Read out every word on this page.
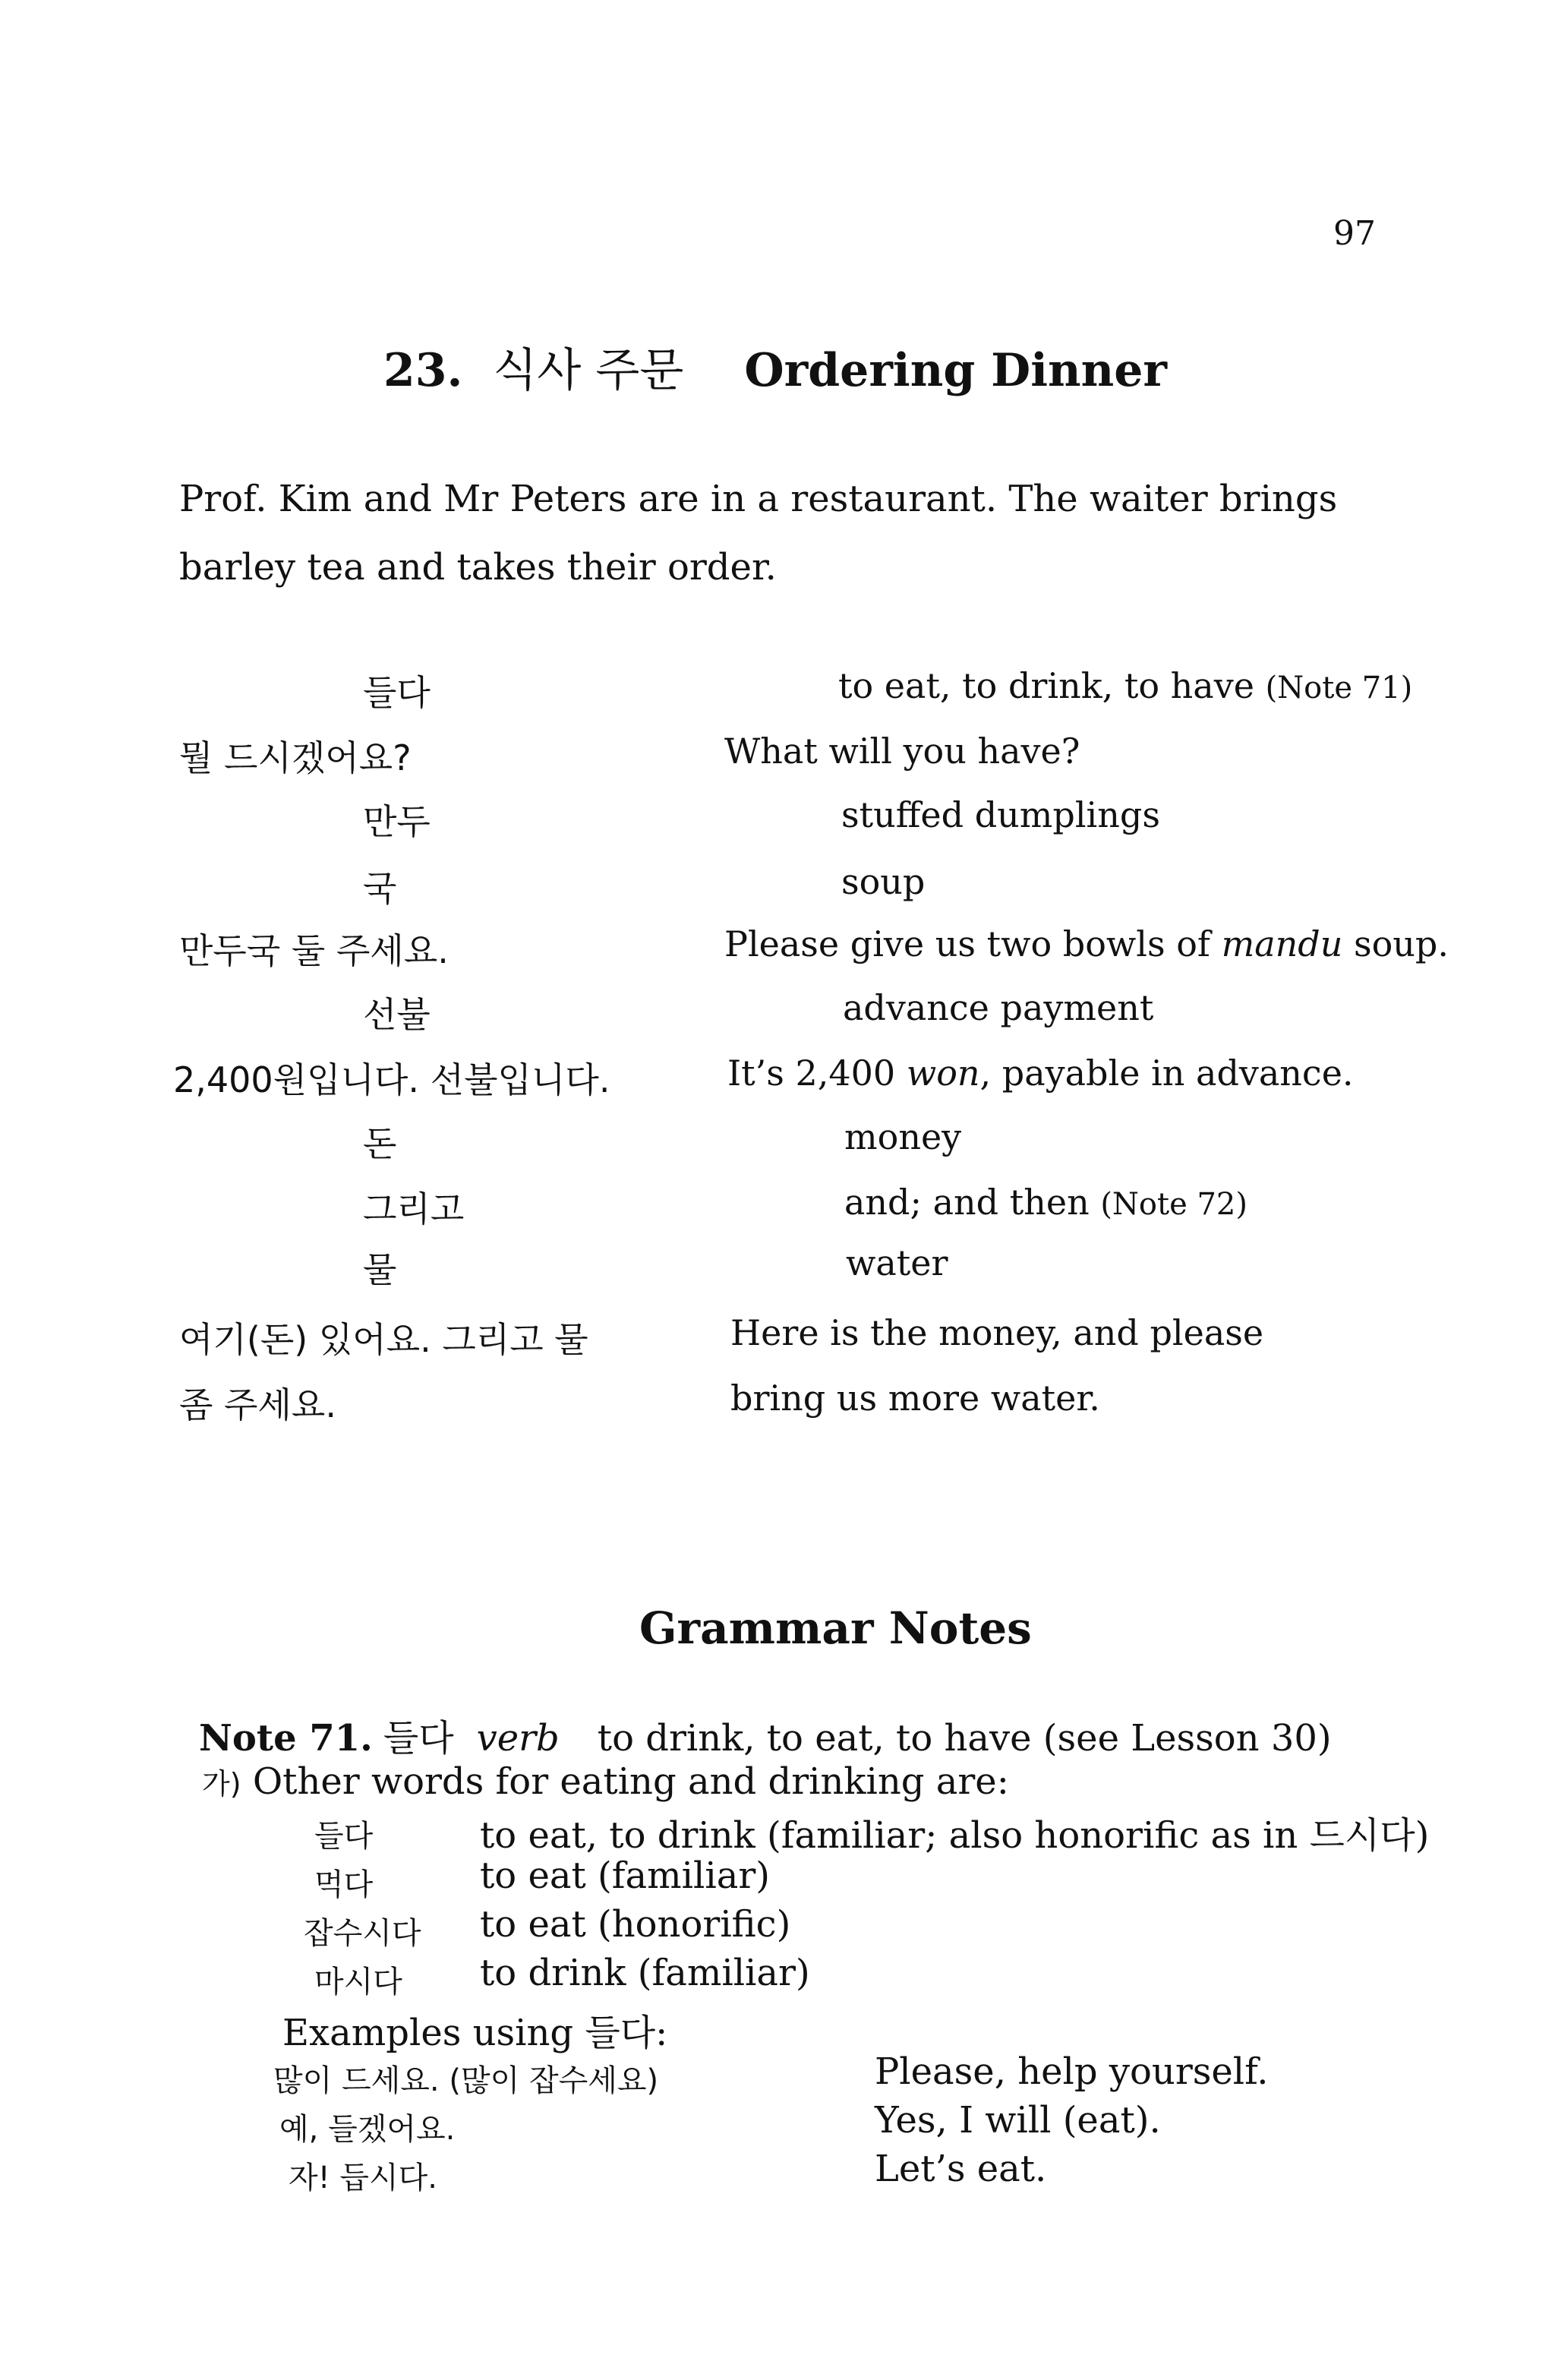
97
23. 식사 주문 Ordering Dinner
Prof. Kim and Mr Peters are in a restaurant. The waiter brings barley tea and takes their order.
들다	to eat, to drink, to have (Note 71)
뭘 드시겠어요?	What will you have?
만두	stuffed dumplings
국	soup
만두국 둘 주세요.	Please give us two bowls of mandu soup.
선불	advance payment
2,400원입니다. 선불입니다.	It’s 2,400 won, payable in advance.
돈	money
그리고	and; and then (Note 72)
물	water
여기(돈) 있어요. 그리고 물	Here is the money, and please
좀 주세요.	bring us more water.
Grammar Notes
Note 71. 들다 verb to drink, to eat, to have (see Lesson 30)
가) Other words for eating and drinking are:
들다	to eat, to drink (familiar; also honorific as in 드시다)
먹다	to eat (familiar)
잡수시다 to eat (honorific)
마시다 to drink (familiar)
Examples using 들다:
많이 드세요. (많이 잡수세요)	Please, help yourself.
예, 들겠어요.	Yes, I will (eat).
자! 듭시다.	Let’s eat.
